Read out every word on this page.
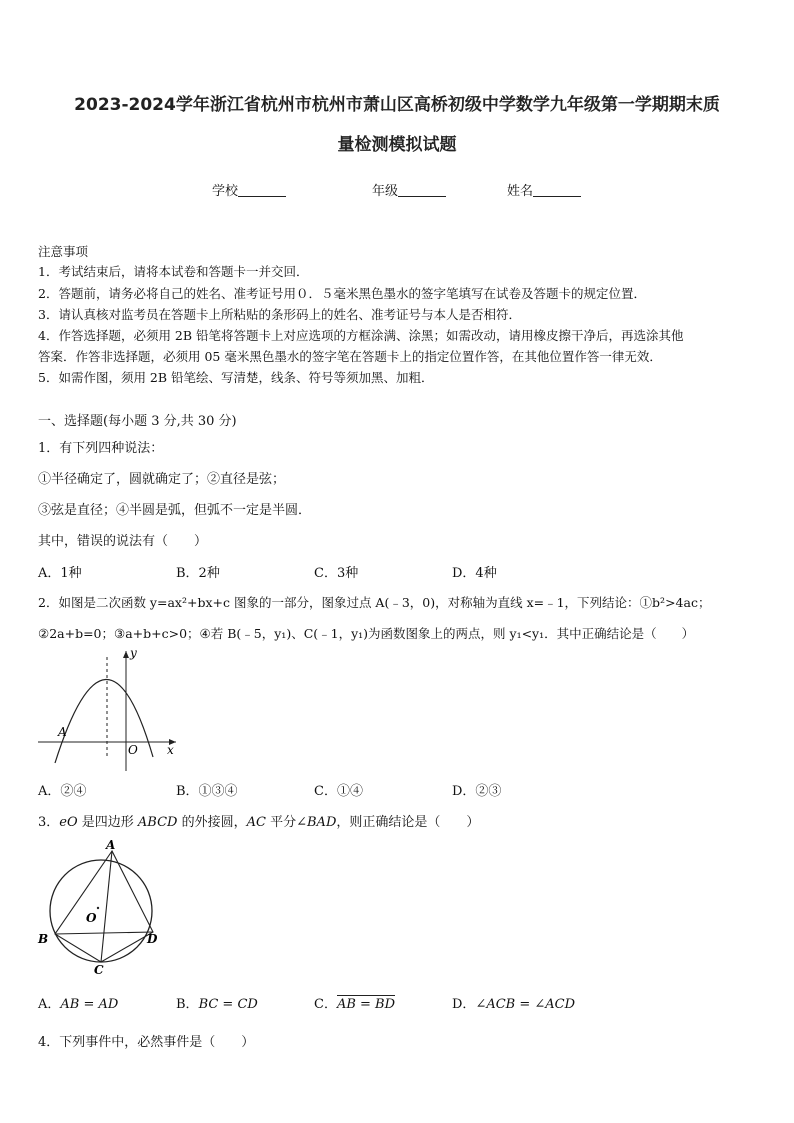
2023-2024学年浙江省杭州市杭州市萧山区高桥初级中学数学九年级第一学期期末质
量检测模拟试题
学校	年级	姓名
注意事项
1．考试结束后，请将本试卷和答题卡一并交回．
2．答题前，请务必将自己的姓名、准考证号用０．５毫米黑色墨水的签字笔填写在试卷及答题卡的规定位置．
3．请认真核对监考员在答题卡上所粘贴的条形码上的姓名、准考证号与本人是否相符．
4．作答选择题，必须用 2B 铅笔将答题卡上对应选项的方框涂满、涂黑；如需改动，请用橡皮擦干净后，再选涂其他
答案．作答非选择题，必须用 05 毫米黑色墨水的签字笔在答题卡上的指定位置作答，在其他位置作答一律无效．
5．如需作图，须用 2B 铅笔绘、写清楚，线条、符号等须加黑、加粗．
一、选择题(每小题 3 分,共 30 分)
1．有下列四种说法：
①半径确定了，圆就确定了；②直径是弦；
③弦是直径；④半圆是弧，但弧不一定是半圆．
其中，错误的说法有（　　）
A．1种	B．2种	C．3种	D．4种
2．如图是二次函数 y=ax²+bx+c 图象的一部分，图象过点 A(﹣3，0)，对称轴为直线 x=﹣1，下列结论：①b²>4ac；
②2a+b=0；③a+b+c>0；④若 B(﹣5，y₁)、C(﹣1，y₁)为函数图象上的两点，则 y₁<y₁．其中正确结论是（　　）
y
x
O
A
A．②④	B．①③④	C．①④	D．②③
3．eO 是四边形 ABCD 的外接圆，AC 平分∠BAD，则正确结论是（　　）
A
B
C
D
O
A．AB = AD	B．BC = CD	C．AB = BD	D．∠ACB = ∠ACD
4．下列事件中，必然事件是（　　）
